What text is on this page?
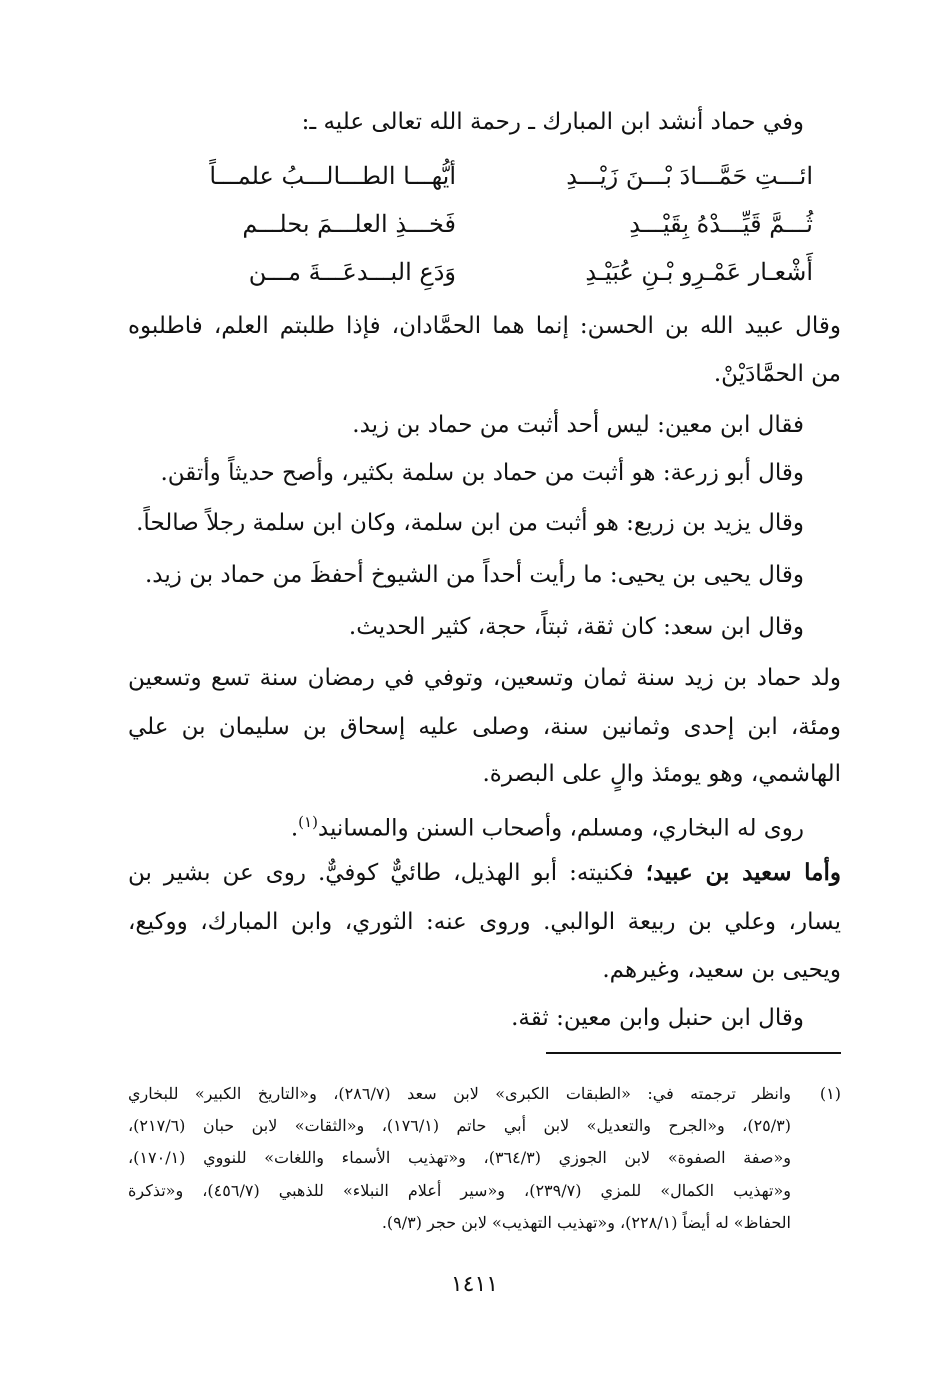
وفي حماد أنشد ابن المبارك ـ رحمة الله تعالى عليه ـ:
أيُّهـــا الطـــالـــبُ علمـــاً	ائـــتِ حَمَّـــادَ بْـــنَ زَيْـــدِ
فَخـــذِ العلـــمَ بحلـــم	ثُـــمَّ قَيِّـــدْهُ بِقَيْـــدِ
وَدَعِ البـــدعَـــةَ مـــن	أَشْعـار عَمْـرِو بْـنِ عُبَيْـدِ
وقال عبيد الله بن الحسن: إنما هما الحمَّادان، فإذا طلبتم العلم، فاطلبوه
من الحمَّادَيْنْ.
فقال ابن معين: ليس أحد أثبت من حماد بن زيد.
وقال أبو زرعة: هو أثبت من حماد بن سلمة بكثير، وأصح حديثاً وأتقن.
وقال يزيد بن زريع: هو أثبت من ابن سلمة، وكان ابن سلمة رجلاً صالحاً.
وقال يحيى بن يحيى: ما رأيت أحداً من الشيوخ أحفظَ من حماد بن زيد.
وقال ابن سعد: كان ثقة، ثبتاً، حجة، كثير الحديث.
ولد حماد بن زيد سنة ثمان وتسعين، وتوفي في رمضان سنة تسع وتسعين
ومئة، ابن إحدى وثمانين سنة، وصلى عليه إسحاق بن سليمان بن علي
الهاشمي، وهو يومئذ والٍ على البصرة.
روى له البخاري، ومسلم، وأصحاب السنن والمسانيد$^{(١)}$.
وأما سعيد بن عبيد؛ فكنيته: أبو الهذيل، طائيٌّ كوفيٌّ. روى عن بشير بن
يسار، وعلي بن ربيعة الوالبي. وروى عنه: الثوري، وابن المبارك، ووكيع،
ويحيى بن سعيد، وغيرهم.
وقال ابن حنبل وابن معين: ثقة.
(١)
وانظر ترجمته في: «الطبقات الكبرى» لابن سعد (٢٨٦/٧)، و«التاريخ الكبير» للبخاري
(٢٥/٣)، و«الجرح والتعديل» لابن أبي حاتم (١٧٦/١)، و«الثقات» لابن حبان (٢١٧/٦)،
و«صفة الصفوة» لابن الجوزي (٣٦٤/٣)، و«تهذيب الأسماء واللغات» للنووي (١٧٠/١)،
و«تهذيب الكمال» للمزي (٢٣٩/٧)، و«سير أعلام النبلاء» للذهبي (٤٥٦/٧)، و«تذكرة
الحفاظ» له أيضاً (٢٢٨/١)، و«تهذيب التهذيب» لابن حجر (٩/٣).
١٤١١
